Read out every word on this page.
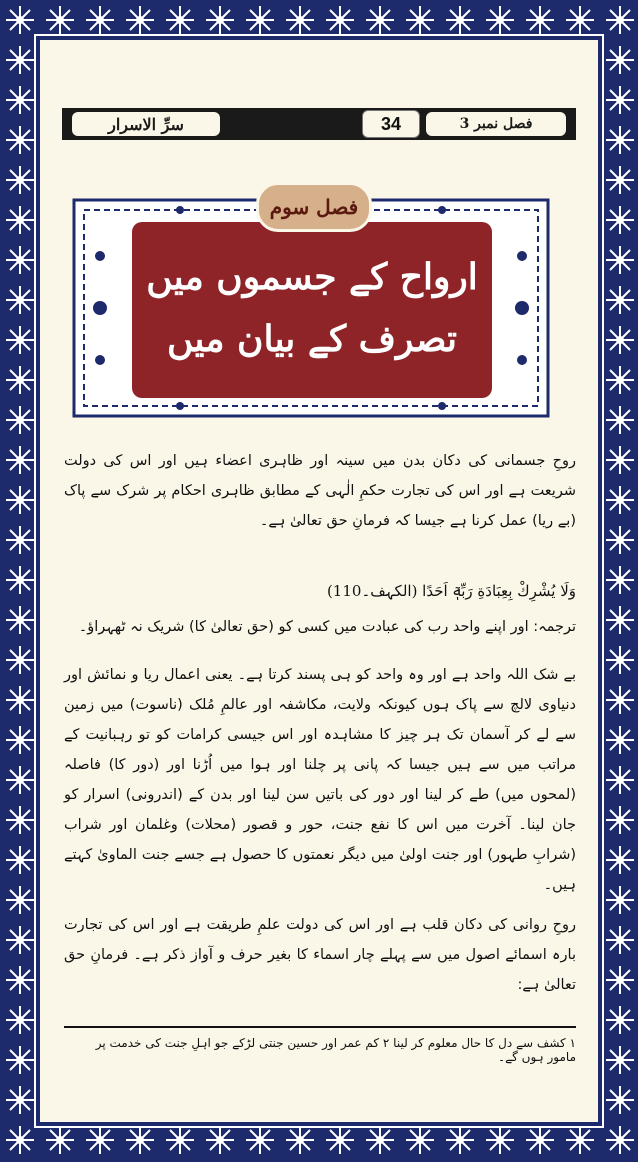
سرِّ الاسرار	34	فصل نمبر 3
ارواح کے جسموں میں
تصرف کے بیان میں
فصل سوم
روحِ جسمانی کی دکان بدن میں سینہ اور ظاہری اعضاء ہیں اور اس کی دولت شریعت ہے اور اس کی تجارت حکمِ الٰہی کے مطابق ظاہری احکام پر شرک سے پاک (بے ریا) عمل کرنا ہے جیسا کہ فرمانِ حق تعالیٰ ہے۔
وَلَا يُشْرِكْ بِعِبَادَةِ رَبِّهٖٓ اَحَدًا (الکہف۔110)
ترجمہ: اور اپنے واحد رب کی عبادت میں کسی کو (حق تعالیٰ کا) شریک نہ ٹھہراؤ۔
بے شک اللہ واحد ہے اور وہ واحد کو ہی پسند کرتا ہے۔ یعنی اعمال ریا و نمائش اور دنیاوی لالچ سے پاک ہوں کیونکہ ولایت، مکاشفہ اور عالمِ مُلک (ناسوت) میں زمین سے لے کر آسمان تک ہر چیز کا مشاہدہ اور اس جیسی کرامات کو تو رہبانیت کے مراتب میں سے ہیں جیسا کہ پانی پر چلنا اور ہوا میں اُڑنا اور (دور کا) فاصلہ (لمحوں میں) طے کر لینا اور دور کی باتیں سن لینا اور بدن کے (اندرونی) اسرار کو جان لینا۔ آخرت میں اس کا نفع جنت، حور و قصور (محلات) وغلمان اور شراب (شرابِ طہور) اور جنت اولیٰ میں دیگر نعمتوں کا حصول ہے جسے جنت الماویٰ کہتے ہیں۔
روحِ روانی کی دکان قلب ہے اور اس کی دولت علمِ طریقت ہے اور اس کی تجارت بارہ اسمائے اصول میں سے پہلے چار اسماء کا بغیر حرف و آواز ذکر ہے۔ فرمانِ حق تعالیٰ ہے:
۱ کشف سے دل کا حال معلوم کر لینا ۲ کم عمر اور حسین جنتی لڑکے جو اہلِ جنت کی خدمت پر مامور ہوں گے۔
